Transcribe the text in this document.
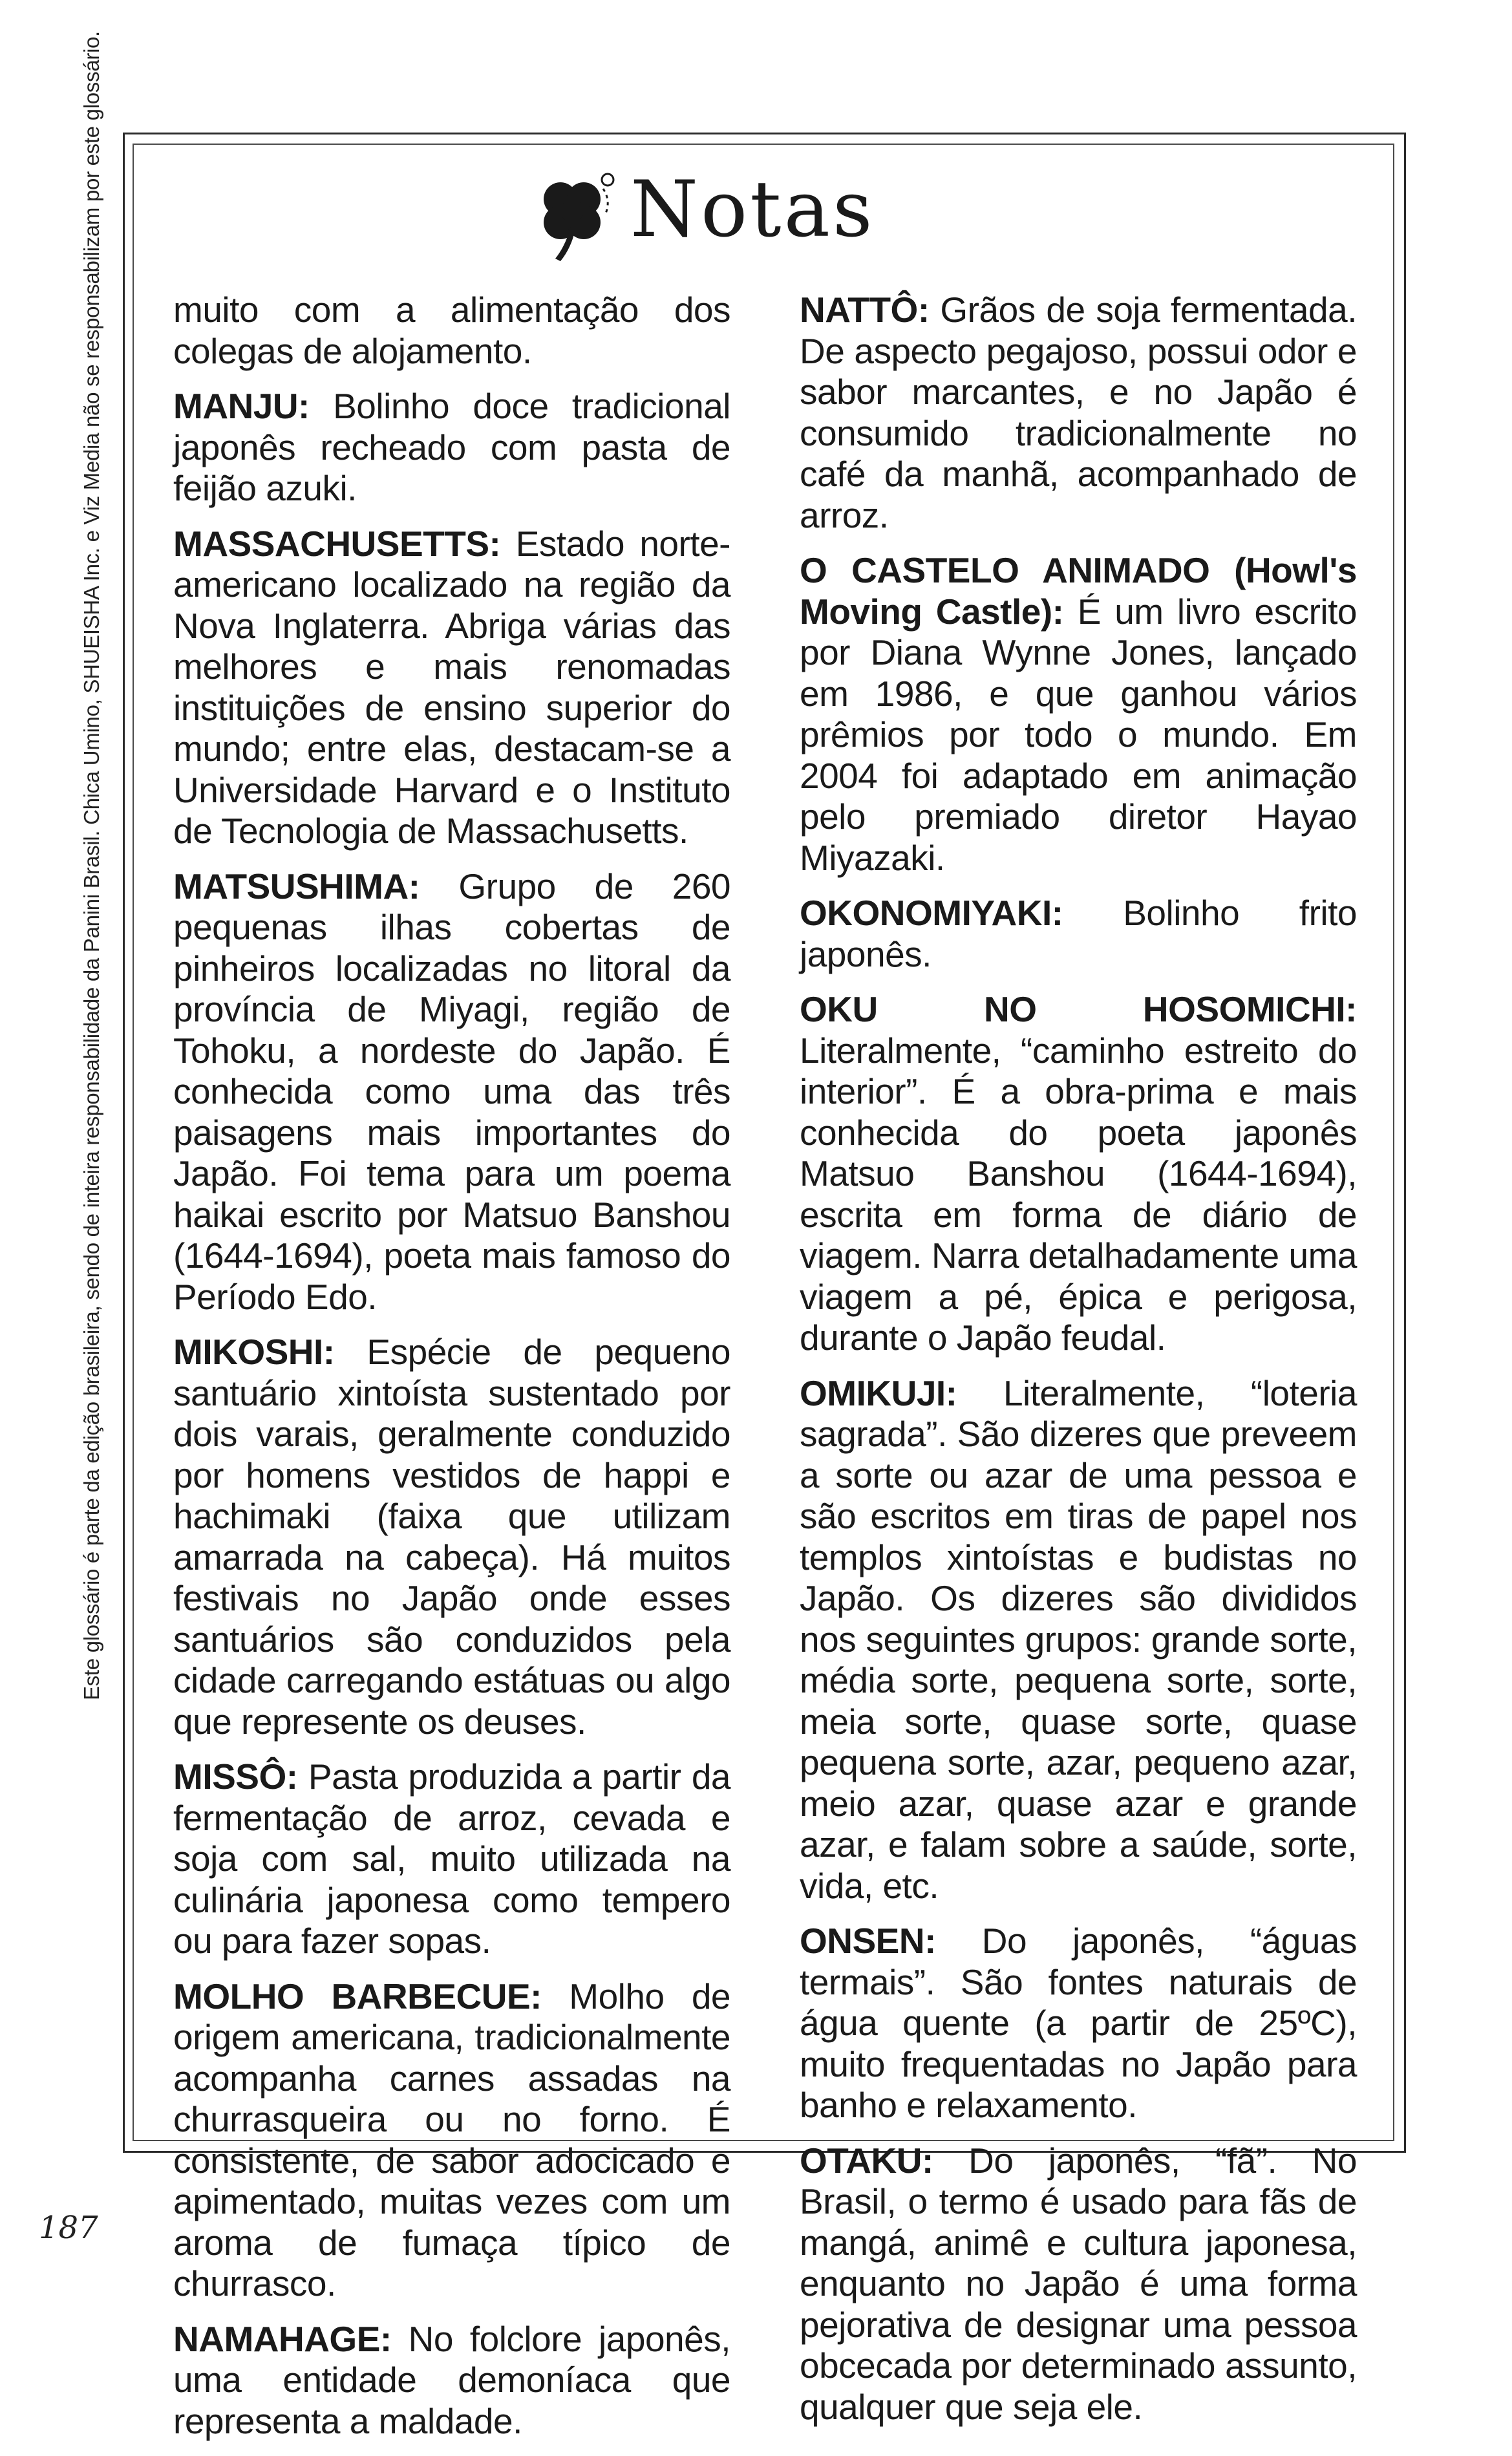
Este glossário é parte da edição brasileira, sendo de inteira responsabilidade da Panini Brasil. Chica Umino, SHUEISHA Inc. e Viz Media não se responsabilizam por este glossário.	Notas

muito com a alimentação dos colegas de alojamento.

MANJU: Bolinho doce tradicional japonês recheado com pasta de feijão azuki.

MASSACHUSETTS: Estado norte-americano localizado na região da Nova Inglaterra. Abriga várias das melhores e mais renomadas instituições de ensino superior do mundo; entre elas, destacam-se a Universidade Harvard e o Instituto de Tecnologia de Massachusetts.

MATSUSHIMA: Grupo de 260 pequenas ilhas cobertas de pinheiros localizadas no litoral da província de Miyagi, região de Tohoku, a nordeste do Japão. É conhecida como uma das três paisagens mais importantes do Japão. Foi tema para um poema haikai escrito por Matsuo Banshou (1644-1694), poeta mais famoso do Período Edo.

MIKOSHI: Espécie de pequeno santuário xintoísta sustentado por dois varais, geralmente conduzido por homens vestidos de happi e hachimaki (faixa que utilizam amarrada na cabeça). Há muitos festivais no Japão onde esses santuários são conduzidos pela cidade carregando estátuas ou algo que represente os deuses.

MISSÔ: Pasta produzida a partir da fermentação de arroz, cevada e soja com sal, muito utilizada na culinária japonesa como tempero ou para fazer sopas.

MOLHO BARBECUE: Molho de origem americana, tradicionalmente acompanha carnes assadas na churrasqueira ou no forno. É consistente, de sabor adocicado e apimentado, muitas vezes com um aroma de fumaça típico de churrasco.

NAMAHAGE: No folclore japonês, uma entidade demoníaca que representa a maldade.

NATTÔ: Grãos de soja fermentada. De aspecto pegajoso, possui odor e sabor marcantes, e no Japão é consumido tradicionalmente no café da manhã, acompanhado de arroz.

O CASTELO ANIMADO (Howl's Moving Castle): É um livro escrito por Diana Wynne Jones, lançado em 1986, e que ganhou vários prêmios por todo o mundo. Em 2004 foi adaptado em animação pelo premiado diretor Hayao Miyazaki.

OKONOMIYAKI: Bolinho frito japonês.

OKU NO HOSOMICHI: Literalmente, “caminho estreito do interior”. É a obra-prima e mais conhecida do poeta japonês Matsuo Banshou (1644-1694), escrita em forma de diário de viagem. Narra detalhadamente uma viagem a pé, épica e perigosa, durante o Japão feudal.

OMIKUJI: Literalmente, “loteria sagrada”. São dizeres que preveem a sorte ou azar de uma pessoa e são escritos em tiras de papel nos templos xintoístas e budistas no Japão. Os dizeres são divididos nos seguintes grupos: grande sorte, média sorte, pequena sorte, sorte, meia sorte, quase sorte, quase pequena sorte, azar, pequeno azar, meio azar, quase azar e grande azar, e falam sobre a saúde, sorte, vida, etc.

ONSEN: Do japonês, “águas termais”. São fontes naturais de água quente (a partir de 25ºC), muito frequentadas no Japão para banho e relaxamento.

OTAKU: Do japonês, “fã”. No Brasil, o termo é usado para fãs de mangá, animê e cultura japonesa, enquanto no Japão é uma forma pejorativa de designar uma pessoa obcecada por determinado assunto, qualquer que seja ele.

187
